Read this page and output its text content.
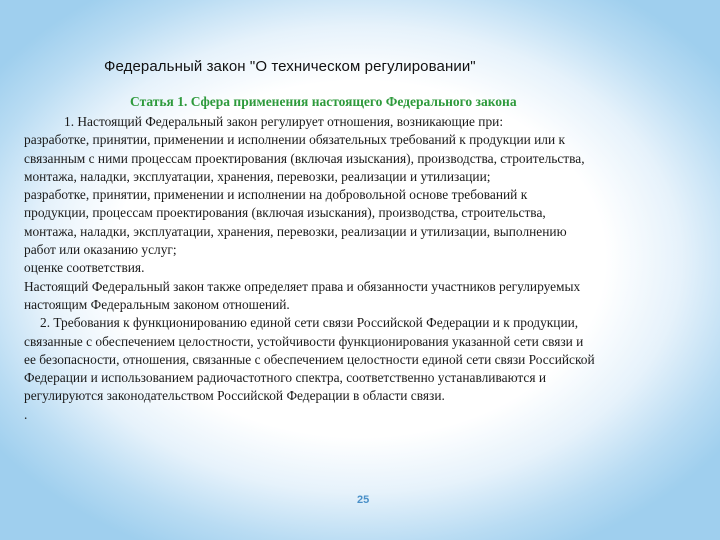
Федеральный закон "О техническом регулировании"
Статья 1. Сфера применения настоящего Федерального закона
1. Настоящий Федеральный закон регулирует отношения, возникающие при:
разработке, принятии, применении и исполнении обязательных требований к продукции или к
связанным с ними процессам проектирования (включая изыскания), производства, строительства,
монтажа, наладки, эксплуатации, хранения, перевозки, реализации и утилизации;
разработке, принятии, применении и исполнении на добровольной основе требований к
продукции, процессам проектирования (включая изыскания), производства, строительства,
монтажа, наладки, эксплуатации, хранения, перевозки, реализации и утилизации, выполнению
работ или оказанию услуг;
оценке соответствия.
Настоящий Федеральный закон также определяет права и обязанности участников регулируемых
настоящим Федеральным законом отношений.
2. Требования к функционированию единой сети связи Российской Федерации и к продукции,
связанные с обеспечением целостности, устойчивости функционирования указанной сети связи и
ее безопасности, отношения, связанные с обеспечением целостности единой сети связи Российской
Федерации и использованием радиочастотного спектра, соответственно устанавливаются и
регулируются законодательством Российской Федерации в области связи.
.
25
